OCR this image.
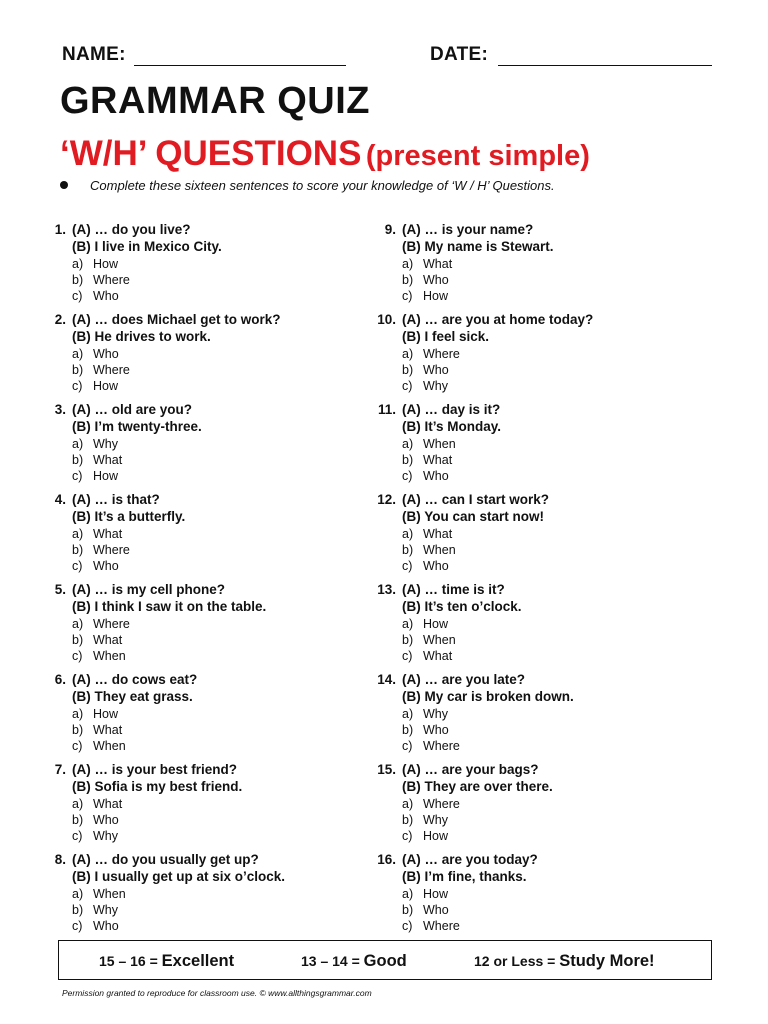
NAME:	DATE:
GRAMMAR QUIZ
‘W/H’ QUESTIONS (present simple)
Complete these sixteen sentences to score your knowledge of ‘W / H’ Questions.
1. (A) … do you live?
(B) I live in Mexico City.
a) How
b) Where
c) Who
2. (A) … does Michael get to work?
(B) He drives to work.
a) Who
b) Where
c) How
3. (A) … old are you?
(B) I’m twenty-three.
a) Why
b) What
c) How
4. (A) … is that?
(B) It’s a butterfly.
a) What
b) Where
c) Who
5. (A) … is my cell phone?
(B) I think I saw it on the table.
a) Where
b) What
c) When
6. (A) … do cows eat?
(B) They eat grass.
a) How
b) What
c) When
7. (A) … is your best friend?
(B) Sofia is my best friend.
a) What
b) Who
c) Why
8. (A) … do you usually get up?
(B) I usually get up at six o’clock.
a) When
b) Why
c) Who
9. (A) … is your name?
(B) My name is Stewart.
a) What
b) Who
c) How
10. (A) … are you at home today?
(B) I feel sick.
a) Where
b) Who
c) Why
11. (A) … day is it?
(B) It’s Monday.
a) When
b) What
c) Who
12. (A) … can I start work?
(B) You can start now!
a) What
b) When
c) Who
13. (A) … time is it?
(B) It’s ten o’clock.
a) How
b) When
c) What
14. (A) … are you late?
(B) My car is broken down.
a) Why
b) Who
c) Where
15. (A) … are your bags?
(B) They are over there.
a) Where
b) Why
c) How
16. (A) … are you today?
(B) I’m fine, thanks.
a) How
b) Who
c) Where
15 – 16 = Excellent	13 – 14 = Good	12 or Less = Study More!
Permission granted to reproduce for classroom use. © www.allthingsgrammar.com
